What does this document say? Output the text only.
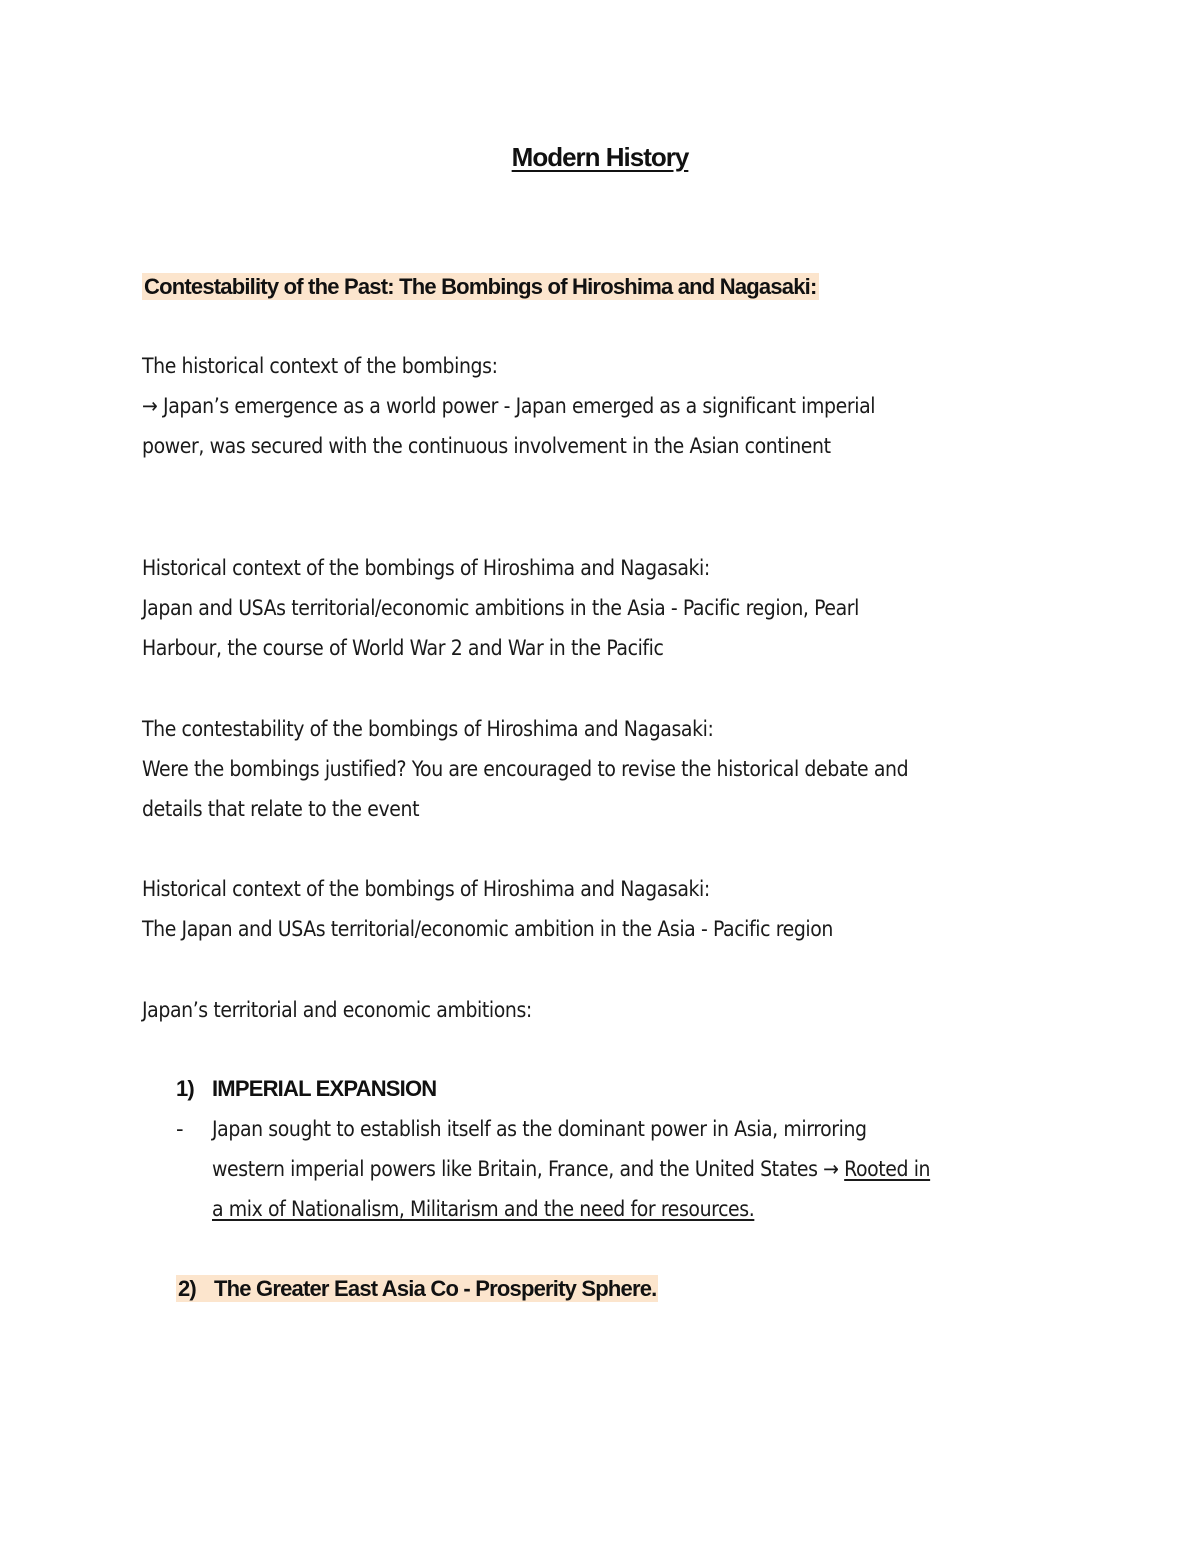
Modern History
Contestability of the Past: The Bombings of Hiroshima and Nagasaki:
The historical context of the bombings:
→ Japan’s emergence as a world power - Japan emerged as a significant imperial
power, was secured with the continuous involvement in the Asian continent
Historical context of the bombings of Hiroshima and Nagasaki:
Japan and USAs territorial/economic ambitions in the Asia - Pacific region, Pearl
Harbour, the course of World War 2 and War in the Pacific
The contestability of the bombings of Hiroshima and Nagasaki:
Were the bombings justified? You are encouraged to revise the historical debate and
details that relate to the event
Historical context of the bombings of Hiroshima and Nagasaki:
The Japan and USAs territorial/economic ambition in the Asia - Pacific region
Japan’s territorial and economic ambitions:
1) IMPERIAL EXPANSION
- Japan sought to establish itself as the dominant power in Asia, mirroring
western imperial powers like Britain, France, and the United States → Rooted in
a mix of Nationalism, Militarism and the need for resources.
2) The Greater East Asia Co - Prosperity Sphere.
